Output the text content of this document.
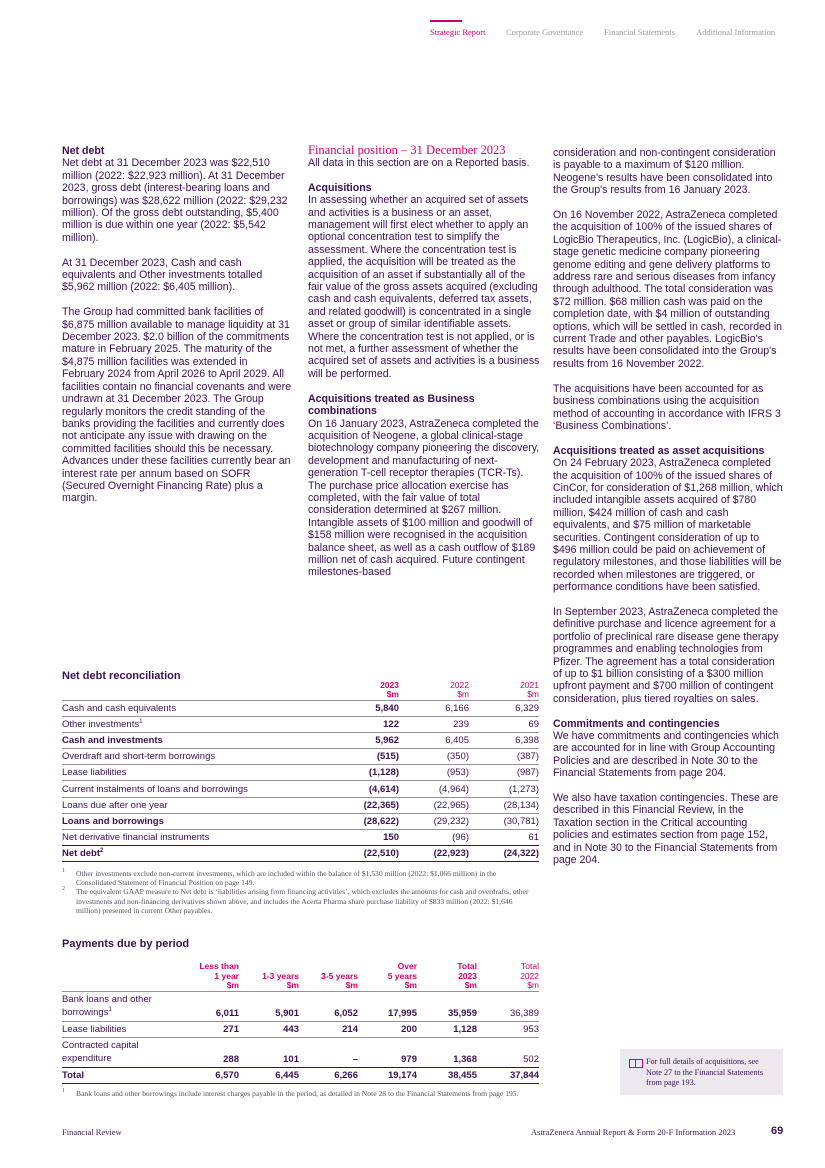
Strategic Report Corporate Governance Financial Statements Additional Information
Net debt

Net debt at 31 December 2023 was $22,510 million (2022: $22,923 million). At 31 December 2023, gross debt (interest-bearing loans and borrowings) was $28,622 million (2022: $29,232 million). Of the gross debt outstanding, $5,400 million is due within one year (2022: $5,542 million).

At 31 December 2023, Cash and cash equivalents and Other investments totalled $5,962 million (2022: $6,405 million).

The Group had committed bank facilities of $6,875 million available to manage liquidity at 31 December 2023. $2.0 billion of the commitments mature in February 2025. The maturity of the $4,875 million facilities was extended in February 2024 from April 2026 to April 2029. All facilities contain no financial covenants and were undrawn at 31 December 2023. The Group regularly monitors the credit standing of the banks providing the facilities and currently does not anticipate any issue with drawing on the committed facilities should this be necessary. Advances under these facilities currently bear an interest rate per annum based on SOFR (Secured Overnight Financing Rate) plus a margin.

Financial position – 31 December 2023

All data in this section are on a Reported basis.

Acquisitions

In assessing whether an acquired set of assets and activities is a business or an asset, management will first elect whether to apply an optional concentration test to simplify the assessment. Where the concentration test is applied, the acquisition will be treated as the acquisition of an asset if substantially all of the fair value of the gross assets acquired (excluding cash and cash equivalents, deferred tax assets, and related goodwill) is concentrated in a single asset or group of similar identifiable assets. Where the concentration test is not applied, or is not met, a further assessment of whether the acquired set of assets and activities is a business will be performed.

Acquisitions treated as Business combinations

On 16 January 2023, AstraZeneca completed the acquisition of Neogene, a global clinical-stage biotechnology company pioneering the discovery, development and manufacturing of next-generation T-cell receptor therapies (TCR-Ts). The purchase price allocation exercise has completed, with the fair value of total consideration determined at $267 million. Intangible assets of $100 million and goodwill of $158 million were recognised in the acquisition balance sheet, as well as a cash outflow of $189 million net of cash acquired. Future contingent milestones-based

consideration and non-contingent consideration is payable to a maximum of $120 million. Neogene's results have been consolidated into the Group's results from 16 January 2023.

On 16 November 2022, AstraZeneca completed the acquisition of 100% of the issued shares of LogicBio Therapeutics, Inc. (LogicBio), a clinical-stage genetic medicine company pioneering genome editing and gene delivery platforms to address rare and serious diseases from infancy through adulthood. The total consideration was $72 million. $68 million cash was paid on the completion date, with $4 million of outstanding options, which will be settled in cash, recorded in current Trade and other payables. LogicBio's results have been consolidated into the Group's results from 16 November 2022.

The acquisitions have been accounted for as business combinations using the acquisition method of accounting in accordance with IFRS 3 ‘Business Combinations’.

Acquisitions treated as asset acquisitions

On 24 February 2023, AstraZeneca completed the acquisition of 100% of the issued shares of CinCor, for consideration of $1,268 million, which included intangible assets acquired of $780 million, $424 million of cash and cash equivalents, and $75 million of marketable securities. Contingent consideration of up to $496 million could be paid on achievement of regulatory milestones, and those liabilities will be recorded when milestones are triggered, or performance conditions have been satisfied.

In September 2023, AstraZeneca completed the definitive purchase and licence agreement for a portfolio of preclinical rare disease gene therapy programmes and enabling technologies from Pfizer. The agreement has a total consideration of up to $1 billion consisting of a $300 million upfront payment and $700 million of contingent consideration, plus tiered royalties on sales.

Commitments and contingencies

We have commitments and contingencies which are accounted for in line with Group Accounting Policies and are described in Note 30 to the Financial Statements from page 204.

We also have taxation contingencies. These are described in this Financial Review, in the Taxation section in the Critical accounting policies and estimates section from page 152, and in Note 30 to the Financial Statements from page 204.

Net debt reconciliation
	2023
$m	2022
$m	2021
$m
Cash and cash equivalents	5,840	6,166	6,329
Other investments$^1$	122	239	69
Cash and investments	5,962	6,405	6,398
Overdraft and short-term borrowings	(515)	(350)	(387)
Lease liabilities	(1,128)	(953)	(987)
Current instalments of loans and borrowings	(4,614)	(4,964)	(1,273)
Loans due after one year	(22,365)	(22,965)	(28,134)
Loans and borrowings	(28,622)	(29,232)	(30,781)
Net derivative financial instruments	150	(96)	61
Net debt$^2$	(22,510)	(22,923)	(24,322)
1 Other investments exclude non-current investments, which are included within the balance of $1,530 million (2022: $1,066 million) in the Consolidated Statement of Financial Position on page 149.
2 The equivalent GAAP measure to Net debt is ‘liabilities arising from financing activities’, which excludes the amounts for cash and overdrafts, other investments and non-financing derivatives shown above, and includes the Acerta Pharma share purchase liability of $833 million (2022: $1,646 million) presented in current Other payables.
Payments due by period
	Less than
1 year
$m	1-3 years
$m	3-5 years
$m	Over
5 years
$m	Total
2023
$m	Total
2022
$m
Bank loans and other
borrowings$^1$	6,011	5,901	6,052	17,995	35,959	36,389
Lease liabilities	271	443	214	200	1,128	953
Contracted capital
expenditure	288	101	–	979	1,368	502
Total	6,570	6,445	6,266	19,174	38,455	37,844
1 Bank loans and other borrowings include interest charges payable in the period, as detailed in Note 28 to the Financial Statements from page 195.
For full details of acquisitions, see Note 27 to the Financial Statements from page 193.
Financial Review	AstraZeneca Annual Report & Form 20-F Information 2023	69
